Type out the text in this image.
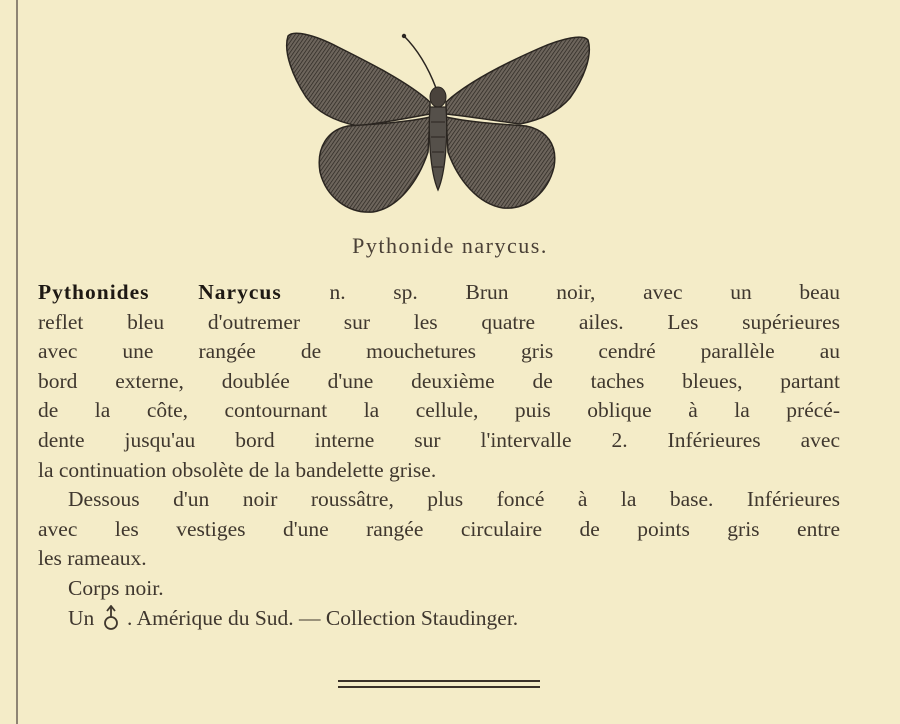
Pythonide narycus.
Pythonides Narycus n. sp. Brun noir, avec un beau
reflet bleu d'outremer sur les quatre ailes. Les supérieures
avec une rangée de mouchetures gris cendré parallèle au
bord externe, doublée d'une deuxième de taches bleues, partant
de la côte, contournant la cellule, puis oblique à la précé-
dente jusqu'au bord interne sur l'intervalle 2. Inférieures avec
la continuation obsolète de la bandelette grise.
Dessous d'un noir roussâtre, plus foncé à la base. Inférieures
avec les vestiges d'une rangée circulaire de points gris entre
les rameaux.
Corps noir.
Un . Amérique du Sud. — Collection Staudinger.
